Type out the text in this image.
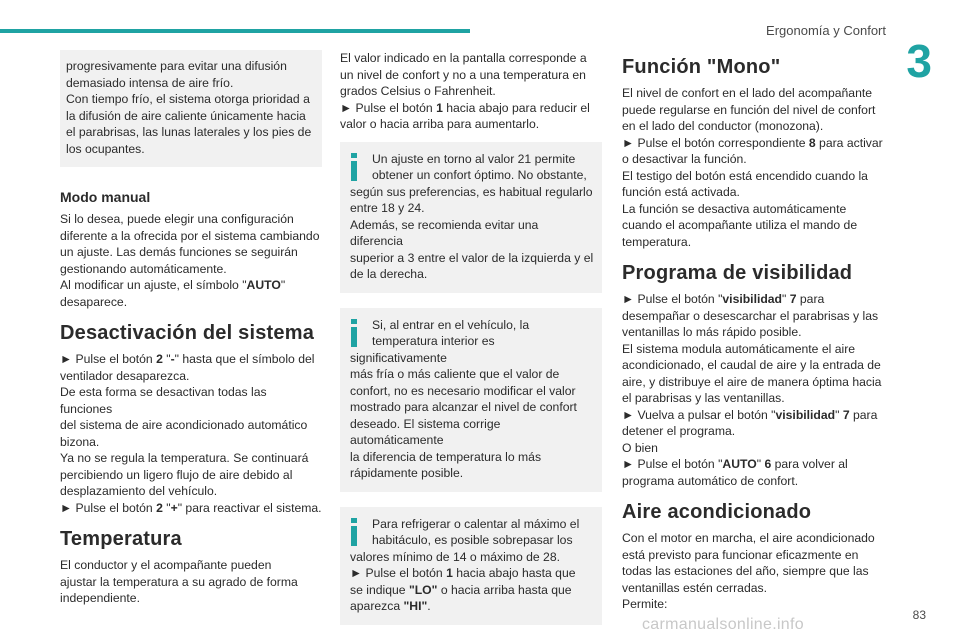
Ergonomía y Confort
3

progresivamente para evitar una difusión
demasiado intensa de aire frío.
Con tiempo frío, el sistema otorga prioridad a
la difusión de aire caliente únicamente hacia
el parabrisas, las lunas laterales y los pies de
los ocupantes.

Modo manual

Si lo desea, puede elegir una configuración
diferente a la ofrecida por el sistema cambiando
un ajuste. Las demás funciones se seguirán
gestionando automáticamente.
Al modificar un ajuste, el símbolo "AUTO"
desaparece.

Desactivación del sistema

► Pulse el botón 2 "-" hasta que el símbolo del
ventilador desaparezca.
De esta forma se desactivan todas las funciones
del sistema de aire acondicionado automático
bizona.
Ya no se regula la temperatura. Se continuará
percibiendo un ligero flujo de aire debido al
desplazamiento del vehículo.
► Pulse el botón 2 "+" para reactivar el sistema.

Temperatura

El conductor y el acompañante pueden
ajustar la temperatura a su agrado de forma
independiente.

El valor indicado en la pantalla corresponde a
un nivel de confort y no a una temperatura en
grados Celsius o Fahrenheit.
► Pulse el botón 1 hacia abajo para reducir el
valor o hacia arriba para aumentarlo.

Un ajuste en torno al valor 21 permite
obtener un confort óptimo. No obstante,
según sus preferencias, es habitual regularlo
entre 18 y 24.
Además, se recomienda evitar una diferencia
superior a 3 entre el valor de la izquierda y el
de la derecha.

Si, al entrar en el vehículo, la
temperatura interior es significativamente
más fría o más caliente que el valor de
confort, no es necesario modificar el valor
mostrado para alcanzar el nivel de confort
deseado. El sistema corrige automáticamente
la diferencia de temperatura lo más
rápidamente posible.

Para refrigerar o calentar al máximo el
habitáculo, es posible sobrepasar los
valores mínimo de 14 o máximo de 28.
► Pulse el botón 1 hacia abajo hasta que
se indique "LO" o hacia arriba hasta que
aparezca "HI".

Función "Mono"

El nivel de confort en el lado del acompañante
puede regularse en función del nivel de confort
en el lado del conductor (monozona).
► Pulse el botón correspondiente 8 para activar
o desactivar la función.
El testigo del botón está encendido cuando la
función está activada.
La función se desactiva automáticamente
cuando el acompañante utiliza el mando de
temperatura.

Programa de visibilidad

► Pulse el botón "visibilidad" 7 para
desempañar o desescarchar el parabrisas y las
ventanillas lo más rápido posible.
El sistema modula automáticamente el aire
acondicionado, el caudal de aire y la entrada de
aire, y distribuye el aire de manera óptima hacia
el parabrisas y las ventanillas.
► Vuelva a pulsar el botón "visibilidad" 7 para
detener el programa.
O bien
► Pulse el botón "AUTO" 6 para volver al
programa automático de confort.

Aire acondicionado

Con el motor en marcha, el aire acondicionado
está previsto para funcionar eficazmente en
todas las estaciones del año, siempre que las
ventanillas estén cerradas.
Permite:

83
carmanualsonline.info
